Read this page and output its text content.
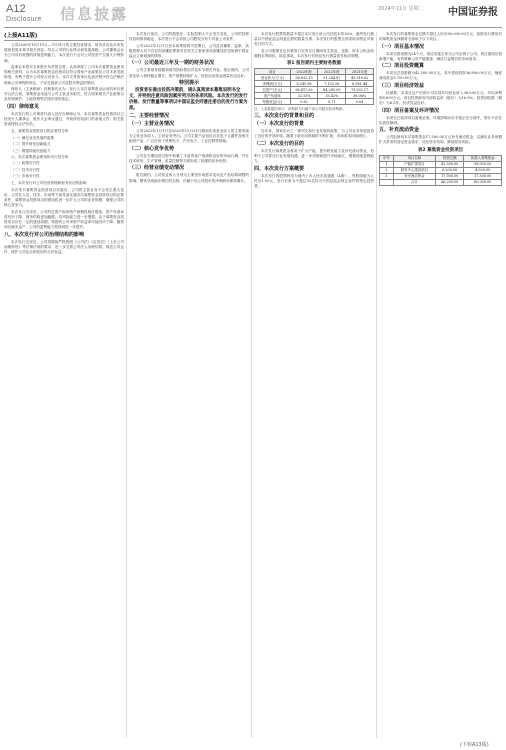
A12
Disclosure 信息披露	2024年11月 星期二 中国证券报
(上接A11版)

公司2020年10月19日—7月31日的主要经营情况、财务状况及未来发展规划见本章节相关内容。结合公司的行业特点和发展战略，公司董事会认为公司具有较强的持续盈利能力，本次发行不会对公司经营产生重大不利影响。

监事会本着对全体股东负责的态度，认真审阅了公司本次募集资金使用的相关资料，认为本次募集资金投资项目符合国家产业政策及公司未来发展规划，有利于提升公司综合竞争力。本次交易的审议及表决程序符合法律法规和公司章程的规定，不存在损害公司及股东利益的情形。

保荐人（主承销商）经核查后认为：发行人本次募集资金运用的审议程序合法合规，募集资金用途与公司主营业务相关，符合国家相关产业政策以及环境保护、土地管理等法律法规的规定。

（四）律师意见

本次发行的上市保荐代表人及经办律师认为，本次募集资金投资项目已经发行人董事会、股东大会审议通过，并取得有权部门的备案文件，相关批准或授权合法有效。

五、募集资金投资项目的必要性分析
（一）满足业务发展的需要
（二）提升研发创新能力
（三）增强持续经营能力
六、本次募集资金使用的可行性分析
（一）政策可行性
（二）技术可行性
（三）市场可行性
七、本次发行对公司经营管理和财务状况的影响

本次发行募集资金投资项目实施后，公司的主营业务不会发生重大变化。公司在人员、技术、市场等方面具备实施本次募集资金投资项目的必要条件，募集资金投资项目的建设将进一步扩大公司的业务规模，增强公司的核心竞争力。

本次发行完成后，公司的总资产和净资产规模将相应增加，资产负债率将有所下降，财务结构更加稳健，抗风险能力进一步增强。由于募集资金投资项目存在一定的建设周期，短期内公司净资产收益率可能有所下降，随着项目逐步达产，公司的盈利能力将得到进一步提升。

八、本次发行对公司治理结构的影响

本次发行完成后，公司将继续严格按照《公司法》《证券法》《上市公司治理准则》等法律法规的要求，进一步完善公司法人治理结构，规范公司运作，保护公司及全体股东的合法权益。

本次发行前后，公司控股股东、实际控制人不会发生变化，公司的控制权结构保持稳定。本次发行不会导致公司股权分布不具备上市条件。

公司2022年1月1日至本募集说明书签署日，公司及其董事、监事、高级管理人员不存在因涉嫌犯罪被司法机关立案侦查或涉嫌违法违规被中国证监会立案调查的情形。

（一）公司最近三年及一期的财务状况

公司主要财务数据和财务指标情况详见本节相关内容。报告期内，公司营业收入保持稳定增长，资产规模持续扩大，经营活动现金流量状况良好。

特别提示

投资者在做出投资决策前，请认真阅读本募集说明书全文，并特别注意风险因素所列示的各项风险。本次发行的发行价格、发行数量等事项以中国证监会同意注册后的发行方案为准。

二、主要经营情况
（一）主营业务情况

公司2023年1月1日至2023年12月31日期间实现营业收入的主要来源为主营业务收入，主营业务突出。公司主要产品包括各类电子元器件及相关配套产品，广泛应用于消费电子、汽车电子、工业控制等领域。

（二）核心竞争优势

公司在长期经营过程中积累了丰富的客户资源和良好的市场口碑，并在技术研发、生产管理、质量控制等方面形成了较强的竞争优势。

（三）经营业绩变动情况

报告期内，公司营业收入分别为主要受市场需求变动及产品结构调整的影响，整体呈现稳步增长的态势，归属于母公司股东的净利润亦保持增长。

本次发行股票的数量不超过本次发行前公司总股本的30%，最终发行数量以中国证监会同意注册的数量为准。本次发行的股票全部采取向特定对象发行的方式。

若公司股票在定价基准日至发行日期间发生派息、送股、资本公积金转增股本等除权、除息事项，本次发行价格及发行数量将作相应调整。

表1 报告期内主要财务数据
项目	2023年度	2022年度	2021年度
营业收入(万元)	58,632.15	51,204.87	45,318.62
净利润(万元)	8,245.36	7,102.58	6,381.44
总资产(万元)	96,417.82	84,265.09	75,932.17
资产负债率	32.15%	35.42%	38.06%
每股收益(元)	0.82	0.71	0.64
注：上表数据经审计，净利润为归属于母公司股东的净利润。
三、本次发行的背景和目的
（一）本次发行的背景

近年来，国家出台了一系列支持行业发展的政策，为公司业务发展创造了良好的外部环境。随着下游应用领域的不断扩展，市场需求持续增长。

（二）本次发行的目的

本次发行募集资金将用于扩大产能、提升研发能力及补充流动资金，有利于公司抓住行业发展机遇，进一步巩固和提升市场地位，增强持续盈利能力。

四、本次发行方案概要

本次发行的股票种类为境内上市人民币普通股（A股），每股面值为人民币1.00元。发行对象为不超过35名符合中国证监会规定条件的特定投资者。

本次发行的募集资金总额不超过人民币60,000.00万元，扣除发行费用后的募集资金净额将全部用于以下项目。

（一）项目基本情况

本项目建设期为24个月，项目实施主体为公司全资子公司。项目建成后将新增产能，有效缓解公司产能瓶颈，满足日益增长的市场需求。

（二）项目投资概算

本项目总投资额为42,500.00万元，其中建设投资36,800.00万元，铺底流动资金5,700.00万元。

（三）项目经济效益

经测算，本项目达产后预计可实现年均营业收入38,000万元，年均净利润5,600万元，项目投资财务内部收益率（税后）为16.8%，投资回收期（税后）为6.5年，经济效益良好。

（四）项目备案及环评情况

本项目已取得项目备案证明，环境影响评价手续正在办理中，预计不存在实质性障碍。

五、补充流动资金

公司拟使用本次募集资金17,500.00万元补充流动资金，以满足业务规模扩大带来的营运资金需求，优化资本结构，降低财务风险。

表2 募集资金投资项目
序号	项目名称	投资总额	拟投入募集资金
1	产能扩建项目	42,500.00	38,000.00
2	研发中心建设项目	6,200.00	4,500.00
3	补充流动资金	17,500.00	17,500.00
	合计	66,200.00	60,000.00
(下转A13版)
